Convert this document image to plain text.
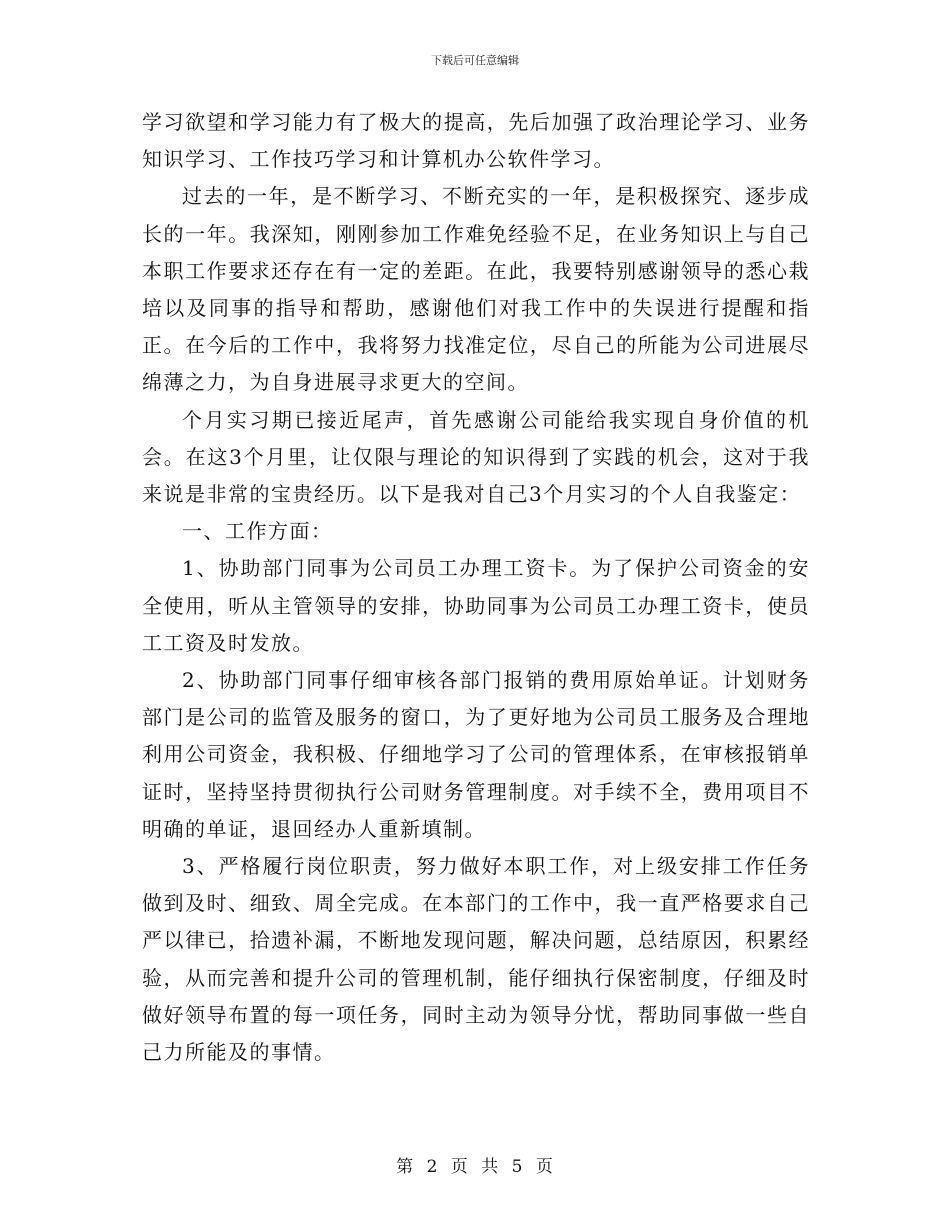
下载后可任意编辑

学习欲望和学习能力有了极大的提高，先后加强了政治理论学习、业务知识学习、工作技巧学习和计算机办公软件学习。

过去的一年，是不断学习、不断充实的一年，是积极探究、逐步成长的一年。我深知，刚刚参加工作难免经验不足，在业务知识上与自己本职工作要求还存在有一定的差距。在此，我要特别感谢领导的悉心栽培以及同事的指导和帮助，感谢他们对我工作中的失误进行提醒和指正。在今后的工作中，我将努力找准定位，尽自己的所能为公司进展尽绵薄之力，为自身进展寻求更大的空间。

个月实习期已接近尾声，首先感谢公司能给我实现自身价值的机会。在这3个月里，让仅限与理论的知识得到了实践的机会，这对于我来说是非常的宝贵经历。以下是我对自己3个月实习的个人自我鉴定：

一、工作方面：

1、协助部门同事为公司员工办理工资卡。为了保护公司资金的安全使用，听从主管领导的安排，协助同事为公司员工办理工资卡，使员工工资及时发放。

2、协助部门同事仔细审核各部门报销的费用原始单证。计划财务部门是公司的监管及服务的窗口，为了更好地为公司员工服务及合理地利用公司资金，我积极、仔细地学习了公司的管理体系，在审核报销单证时，坚持坚持贯彻执行公司财务管理制度。对手续不全，费用项目不明确的单证，退回经办人重新填制。

3、严格履行岗位职责，努力做好本职工作，对上级安排工作任务做到及时、细致、周全完成。在本部门的工作中，我一直严格要求自己严以律已，拾遗补漏，不断地发现问题，解决问题，总结原因，积累经验，从而完善和提升公司的管理机制，能仔细执行保密制度，仔细及时做好领导布置的每一项任务，同时主动为领导分忧，帮助同事做一些自己力所能及的事情。

第 2 页 共 5 页
